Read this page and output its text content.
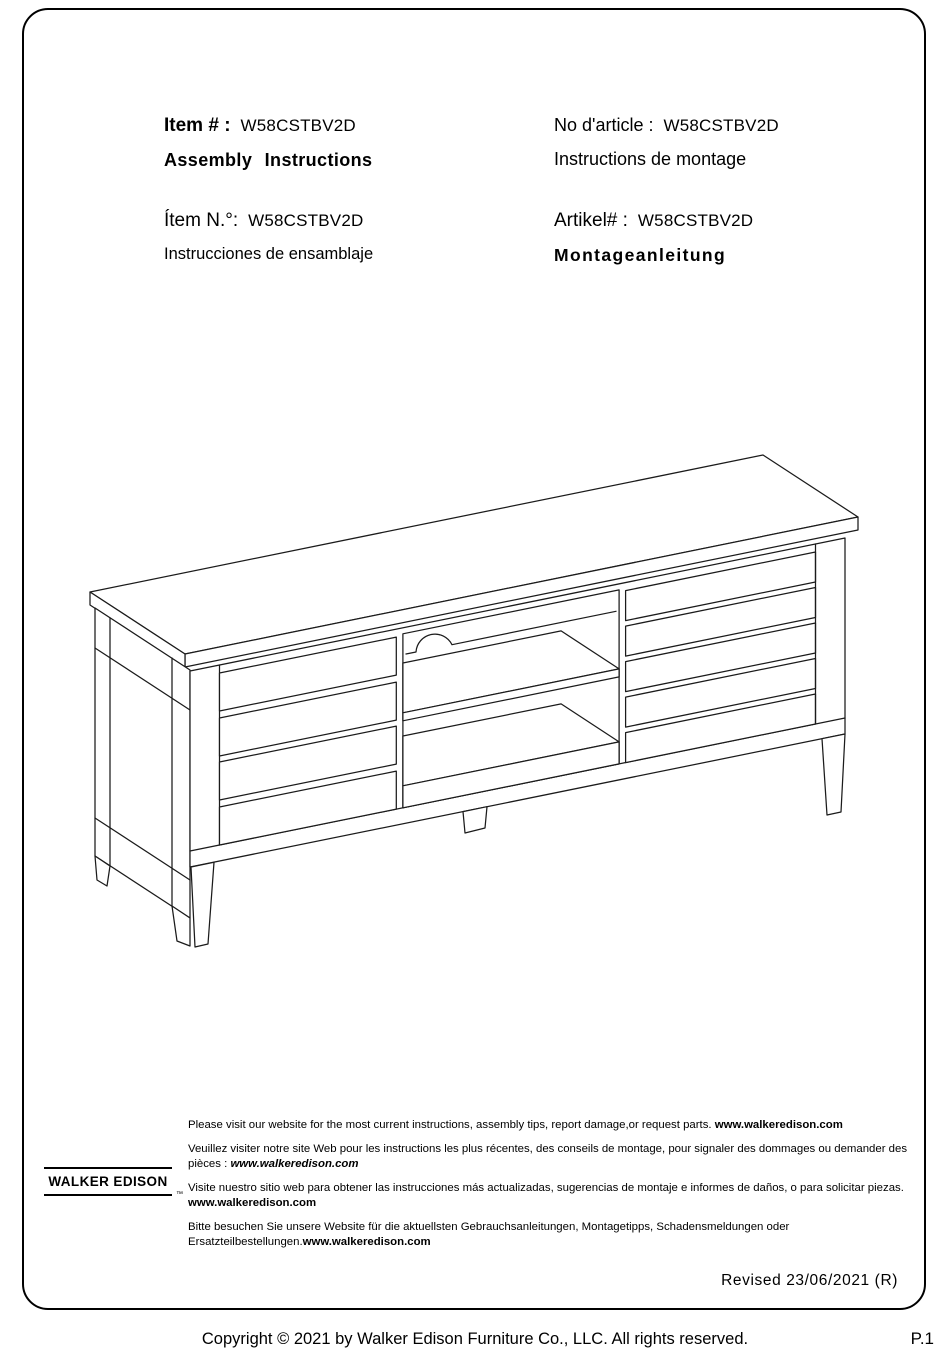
Item # : W58CSTBV2D
Assembly Instructions
No d'article : W58CSTBV2D
Instructions de montage
Ítem N.°: W58CSTBV2D
Instrucciones de ensamblaje
Artikel# : W58CSTBV2D
Montageanleitung
WALKER EDISON
™

Please visit our website for the most current instructions, assembly tips, report damage,or request parts. www.walkeredison.com

Veuillez visiter notre site Web pour les instructions les plus récentes, des conseils de montage, pour signaler des dommages ou demander des pièces : www.walkeredison.com

Visite nuestro sitio web para obtener las instrucciones más actualizadas, sugerencias de montaje e informes de daños, o para solicitar piezas. www.walkeredison.com

Bitte besuchen Sie unsere Website für die aktuellsten Gebrauchsanleitungen, Montagetipps, Schadensmeldungen oder Ersatzteilbestellungen.www.walkeredison.com

Revised 23/06/2021 (R)
Copyright © 2021 by Walker Edison Furniture Co., LLC. All rights reserved.	P.1
